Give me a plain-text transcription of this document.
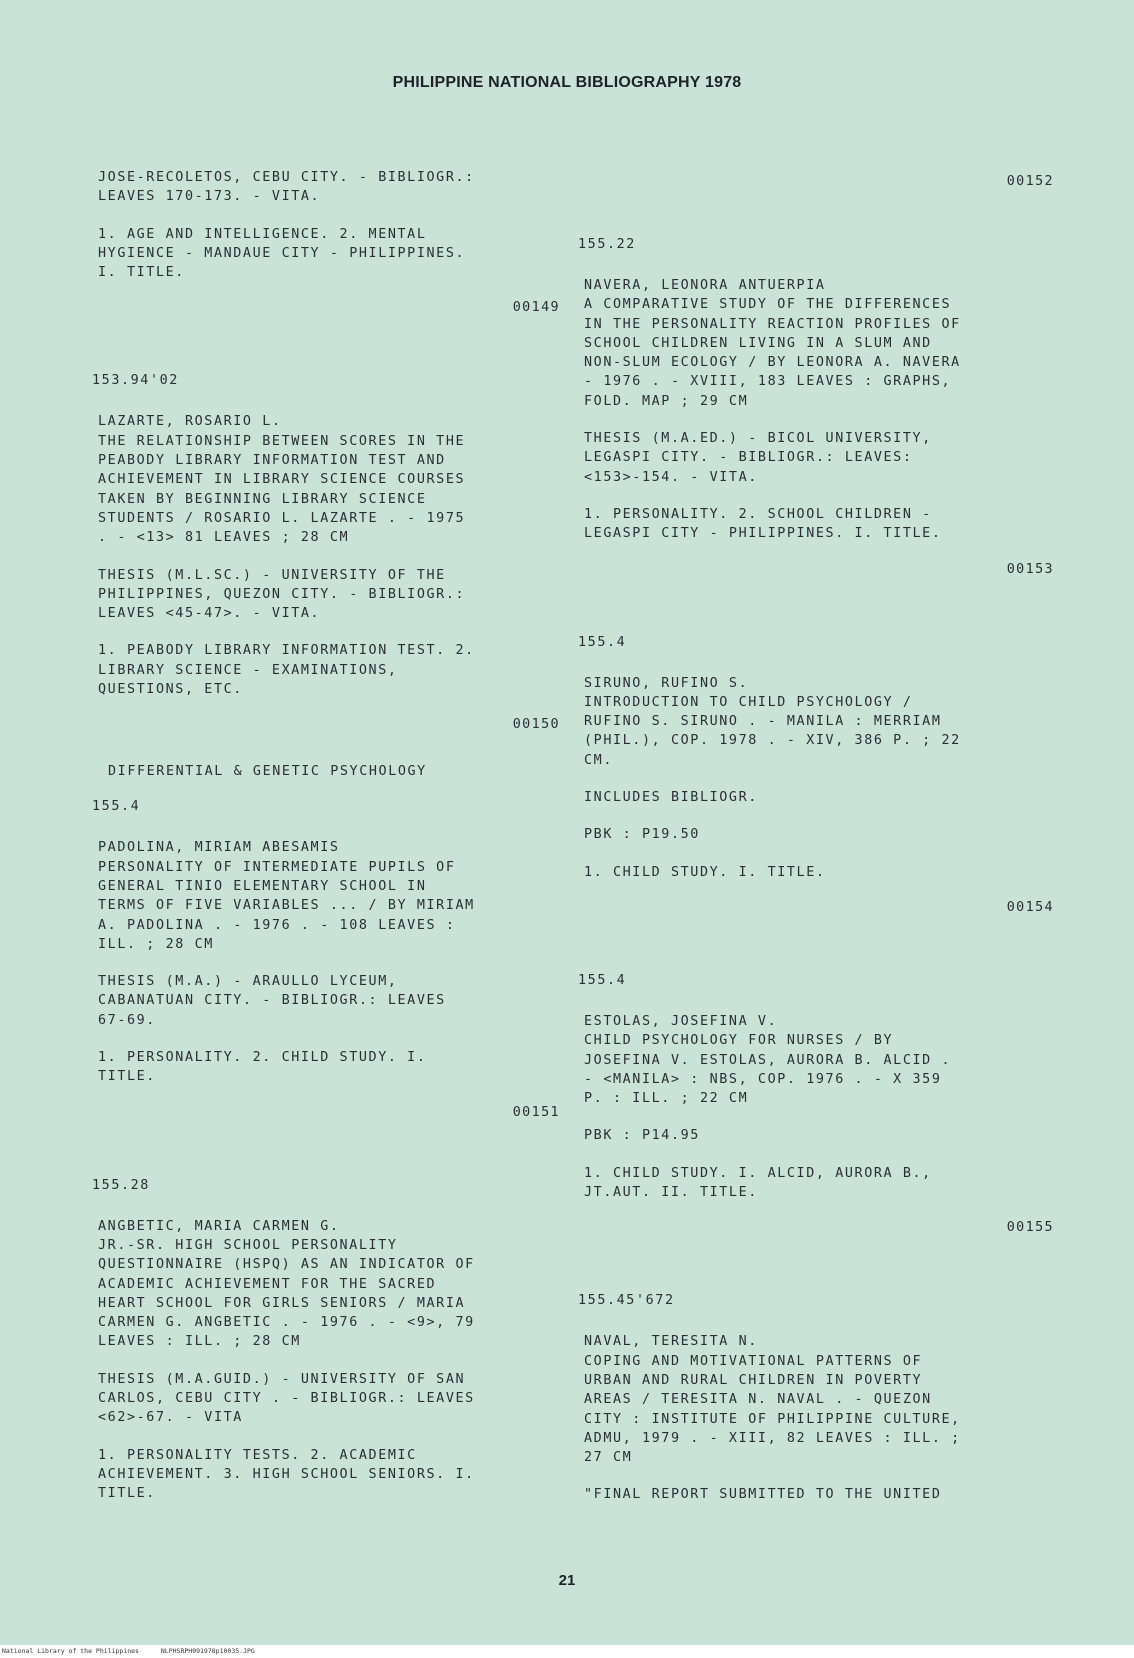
PHILIPPINE NATIONAL BIBLIOGRAPHY 1978
JOSE-RECOLETOS, CEBU CITY. - BIBLIOGR.:
LEAVES 170-173. - VITA.
1. AGE AND INTELLIGENCE. 2. MENTAL
HYGIENCE - MANDAUE CITY - PHILIPPINES.
I. TITLE.
00149
153.94'02
LAZARTE, ROSARIO L.
THE RELATIONSHIP BETWEEN SCORES IN THE
PEABODY LIBRARY INFORMATION TEST AND
ACHIEVEMENT IN LIBRARY SCIENCE COURSES
TAKEN BY BEGINNING LIBRARY SCIENCE
STUDENTS / ROSARIO L. LAZARTE . - 1975
. - <13> 81 LEAVES ; 28 CM
THESIS (M.L.SC.) - UNIVERSITY OF THE
PHILIPPINES, QUEZON CITY. - BIBLIOGR.:
LEAVES <45-47>. - VITA.
1. PEABODY LIBRARY INFORMATION TEST. 2.
LIBRARY SCIENCE - EXAMINATIONS,
QUESTIONS, ETC.
00150
DIFFERENTIAL & GENETIC PSYCHOLOGY
155.4
PADOLINA, MIRIAM ABESAMIS
PERSONALITY OF INTERMEDIATE PUPILS OF
GENERAL TINIO ELEMENTARY SCHOOL IN
TERMS OF FIVE VARIABLES ... / BY MIRIAM
A. PADOLINA . - 1976 . - 108 LEAVES :
ILL. ; 28 CM
THESIS (M.A.) - ARAULLO LYCEUM,
CABANATUAN CITY. - BIBLIOGR.: LEAVES
67-69.
1. PERSONALITY. 2. CHILD STUDY. I.
TITLE.
00151
155.28
ANGBETIC, MARIA CARMEN G.
JR.-SR. HIGH SCHOOL PERSONALITY
QUESTIONNAIRE (HSPQ) AS AN INDICATOR OF
ACADEMIC ACHIEVEMENT FOR THE SACRED
HEART SCHOOL FOR GIRLS SENIORS / MARIA
CARMEN G. ANGBETIC . - 1976 . - <9>, 79
LEAVES : ILL. ; 28 CM
THESIS (M.A.GUID.) - UNIVERSITY OF SAN
CARLOS, CEBU CITY . - BIBLIOGR.: LEAVES
<62>-67. - VITA
1. PERSONALITY TESTS. 2. ACADEMIC
ACHIEVEMENT. 3. HIGH SCHOOL SENIORS. I.
TITLE.
00152
155.22
NAVERA, LEONORA ANTUERPIA
A COMPARATIVE STUDY OF THE DIFFERENCES
IN THE PERSONALITY REACTION PROFILES OF
SCHOOL CHILDREN LIVING IN A SLUM AND
NON-SLUM ECOLOGY / BY LEONORA A. NAVERA
- 1976 . - XVIII, 183 LEAVES : GRAPHS,
FOLD. MAP ; 29 CM
THESIS (M.A.ED.) - BICOL UNIVERSITY,
LEGASPI CITY. - BIBLIOGR.: LEAVES:
<153>-154. - VITA.
1. PERSONALITY. 2. SCHOOL CHILDREN -
LEGASPI CITY - PHILIPPINES. I. TITLE.
00153
155.4
SIRUNO, RUFINO S.
INTRODUCTION TO CHILD PSYCHOLOGY /
RUFINO S. SIRUNO . - MANILA : MERRIAM
(PHIL.), COP. 1978 . - XIV, 386 P. ; 22
CM.
INCLUDES BIBLIOGR.
PBK : P19.50
1. CHILD STUDY. I. TITLE.
00154
155.4
ESTOLAS, JOSEFINA V.
CHILD PSYCHOLOGY FOR NURSES / BY
JOSEFINA V. ESTOLAS, AURORA B. ALCID .
- <MANILA> : NBS, COP. 1976 . - X 359
P. : ILL. ; 22 CM
PBK : P14.95
1. CHILD STUDY. I. ALCID, AURORA B.,
JT.AUT. II. TITLE.
00155
155.45'672
NAVAL, TERESITA N.
COPING AND MOTIVATIONAL PATTERNS OF
URBAN AND RURAL CHILDREN IN POVERTY
AREAS / TERESITA N. NAVAL . - QUEZON
CITY : INSTITUTE OF PHILIPPINE CULTURE,
ADMU, 1979 . - XIII, 82 LEAVES : ILL. ;
27 CM
"FINAL REPORT SUBMITTED TO THE UNITED
21
National Library of the Philippines	NLPHSRPH091978p10035.JPG
